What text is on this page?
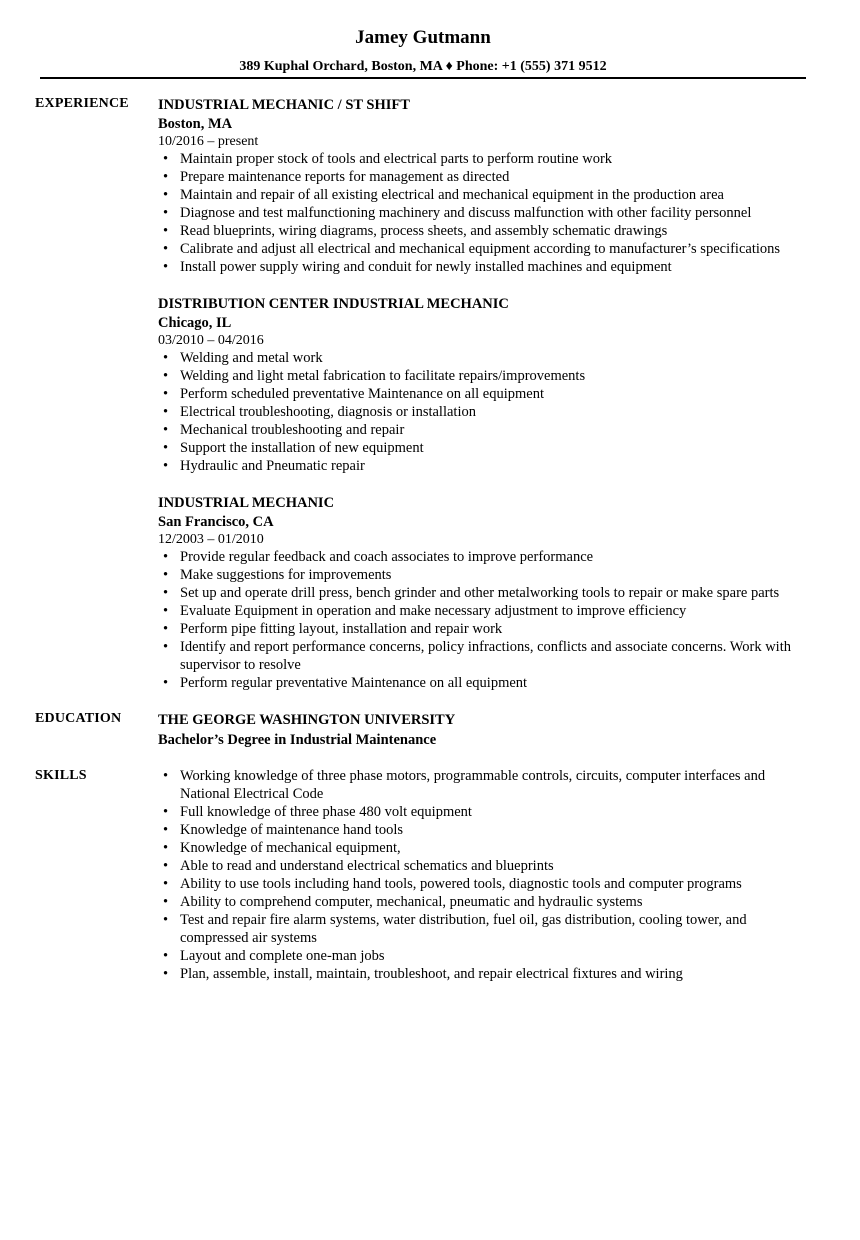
Jamey Gutmann
389 Kuphal Orchard, Boston, MA ♦ Phone: +1 (555) 371 9512
EXPERIENCE INDUSTRIAL MECHANIC / ST SHIFT
Boston, MA
10/2016 – present
• Maintain proper stock of tools and electrical parts to perform routine work
• Prepare maintenance reports for management as directed
• Maintain and repair of all existing electrical and mechanical equipment in the production area
• Diagnose and test malfunctioning machinery and discuss malfunction with other facility personnel
• Read blueprints, wiring diagrams, process sheets, and assembly schematic drawings
• Calibrate and adjust all electrical and mechanical equipment according to manufacturer’s specifications
• Install power supply wiring and conduit for newly installed machines and equipment
DISTRIBUTION CENTER INDUSTRIAL MECHANIC
Chicago, IL
03/2010 – 04/2016
• Welding and metal work
• Welding and light metal fabrication to facilitate repairs/improvements
• Perform scheduled preventative Maintenance on all equipment
• Electrical troubleshooting, diagnosis or installation
• Mechanical troubleshooting and repair
• Support the installation of new equipment
• Hydraulic and Pneumatic repair
INDUSTRIAL MECHANIC
San Francisco, CA
12/2003 – 01/2010
• Provide regular feedback and coach associates to improve performance
• Make suggestions for improvements
• Set up and operate drill press, bench grinder and other metalworking tools to repair or make spare parts
• Evaluate Equipment in operation and make necessary adjustment to improve efficiency
• Perform pipe fitting layout, installation and repair work
• Identify and report performance concerns, policy infractions, conflicts and associate concerns. Work with supervisor to resolve
• Perform regular preventative Maintenance on all equipment
EDUCATION	THE GEORGE WASHINGTON UNIVERSITY
Bachelor’s Degree in Industrial Maintenance
SKILLS
•	Working knowledge of three phase motors, programmable controls, circuits, computer interfaces and National Electrical Code
• Full knowledge of three phase 480 volt equipment
• Knowledge of maintenance hand tools
• Knowledge of mechanical equipment,
• Able to read and understand electrical schematics and blueprints
• Ability to use tools including hand tools, powered tools, diagnostic tools and computer programs
• Ability to comprehend computer, mechanical, pneumatic and hydraulic systems
• Test and repair fire alarm systems, water distribution, fuel oil, gas distribution, cooling tower, and compressed air systems
• Layout and complete one-man jobs
• Plan, assemble, install, maintain, troubleshoot, and repair electrical fixtures and wiring
